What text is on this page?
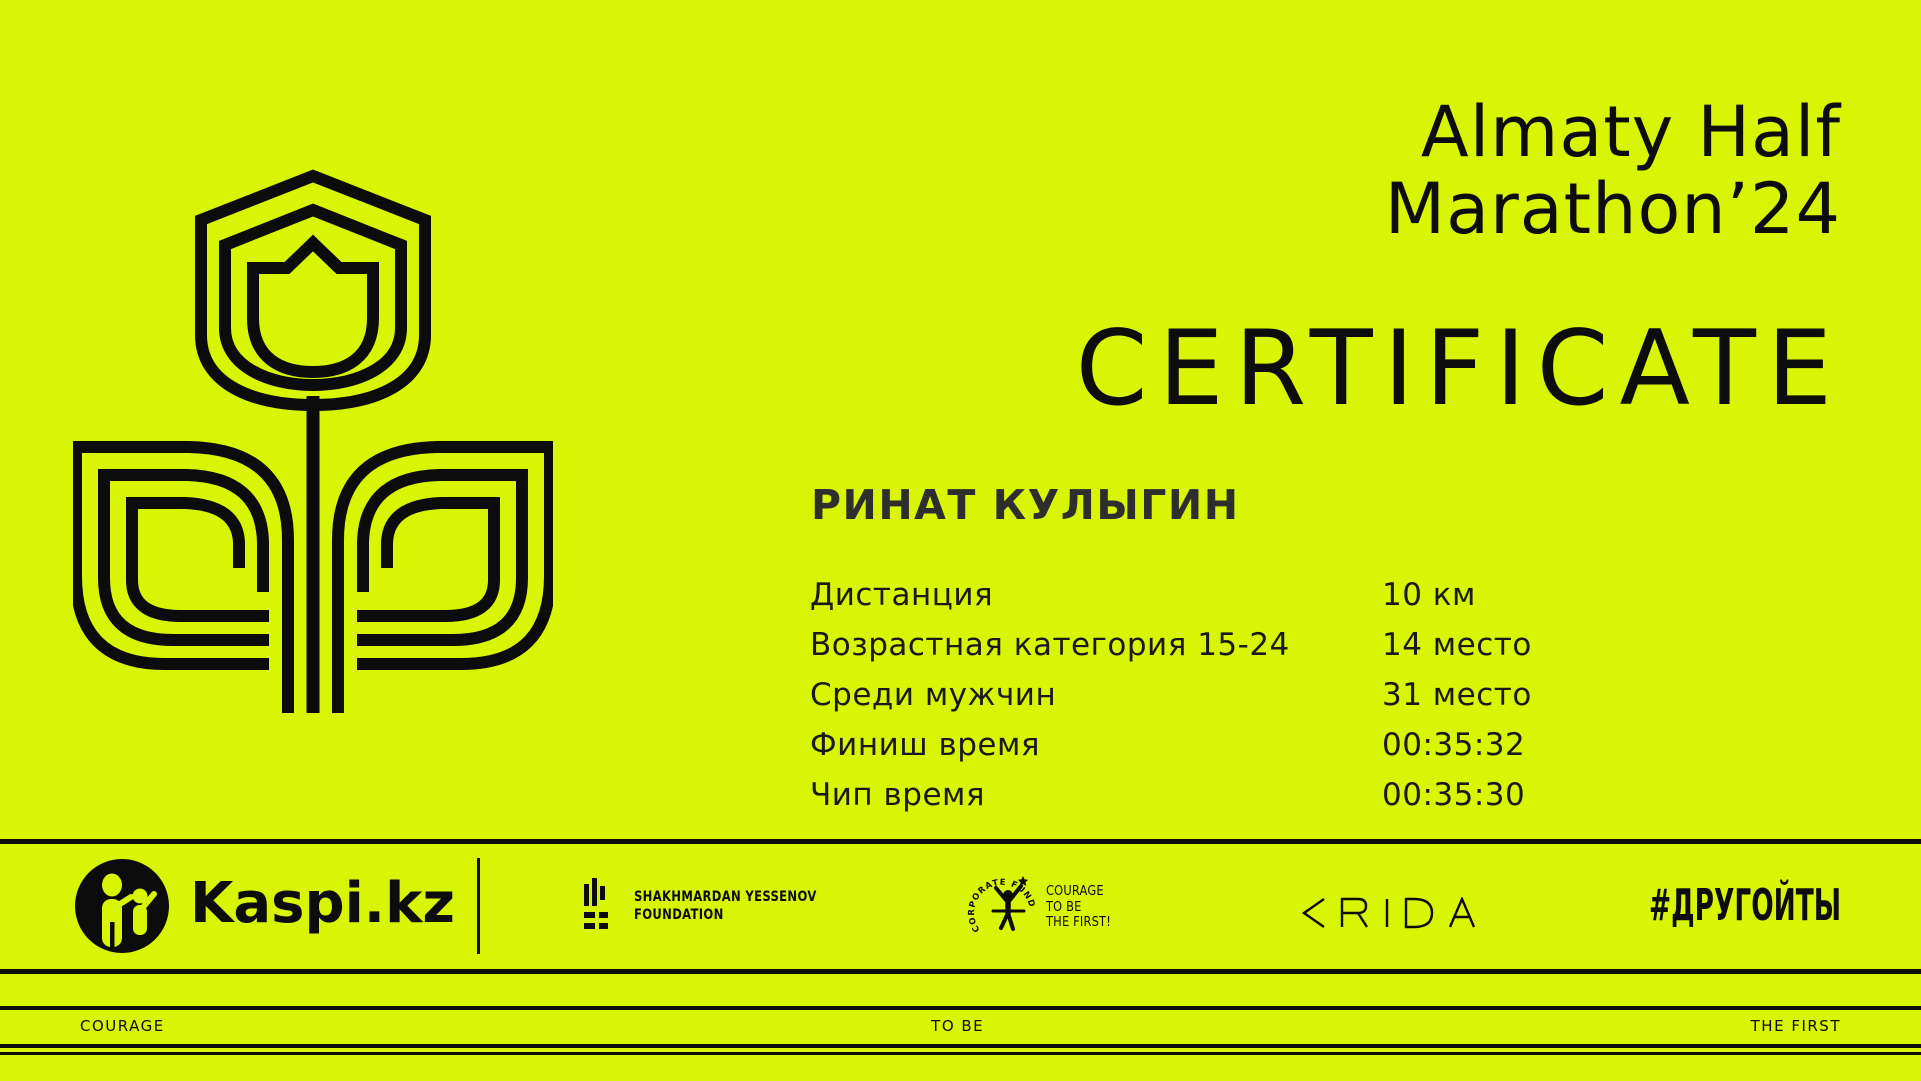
Almaty Half
Marathon’24
CERTIFICATE
РИНАТ КУЛЫГИН
Дистанция	10 км
Возрастная категория 15-24	14 место
Среди мужчин	31 место
Финиш время	00:35:32
Чип время	00:35:30
Kaspi.kz	SHAKHMARDAN YESSENOV
FOUNDATION
CORPORATE FUND
COURAGE
TO BE
THE FIRST!	#ДРУГОЙТЫ
COURAGE	TO BE	THE FIRST
